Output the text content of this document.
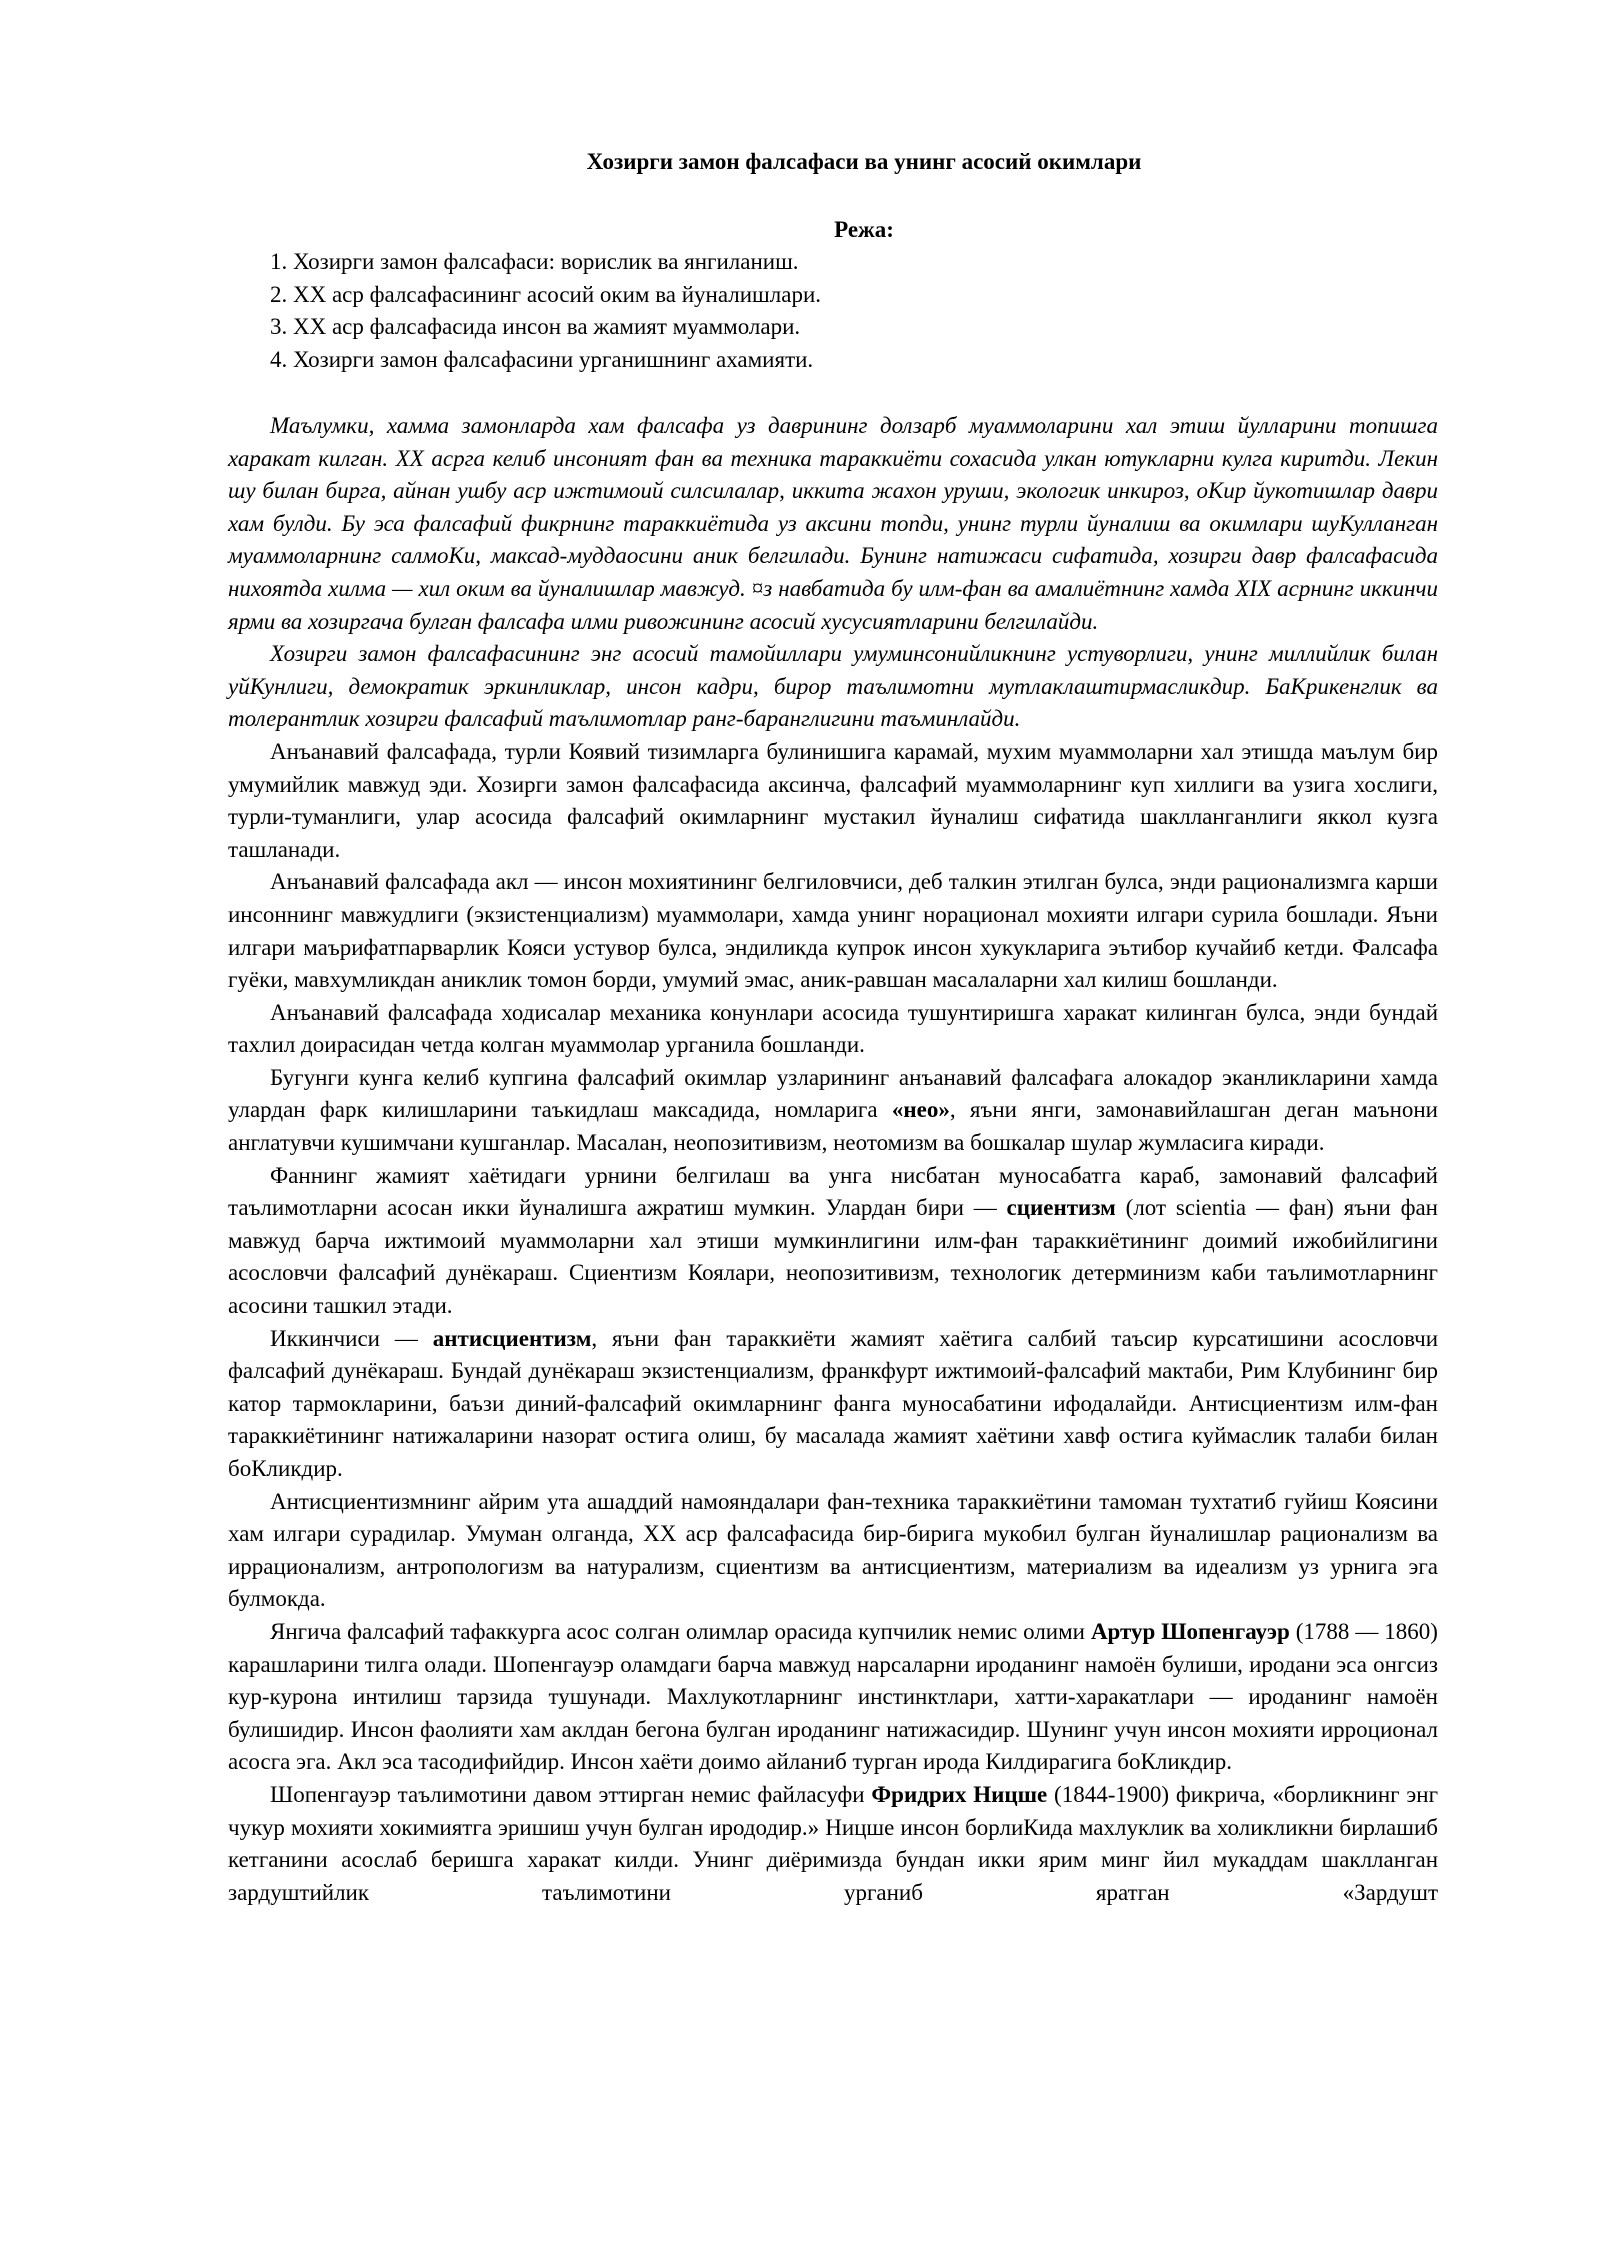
Хозирги замон фалсафаси ва унинг асосий окимлари
Режа:
1. Хозирги замон фалсафаси: ворислик ва янгиланиш.
2. XX аср фалсафасининг асосий оким ва йуналишлари.
3. XX аср фалсафасида инсон ва жамият муаммолари.
4. Хозирги замон фалсафасини урганишнинг ахамияти.

Маълумки, хамма замонларда хам фалсафа уз даврининг долзарб муаммоларини хал этиш йулларини топишга харакат килган. XX асрга келиб инсоният фан ва техника тараккиёти сохасида улкан ютукларни кулга киритди. Лекин шу билан бирга, айнан ушбу аср ижтимоий силсилалар, иккита жахон уруши, экологик инкироз, оКир йукотишлар даври хам булди. Бу эса фалсафий фикрнинг тараккиётида уз аксини топди, унинг турли йуналиш ва окимлари шуКулланган муаммоларнинг салмоКи, максад-муддаосини аник белгилади. Бунинг натижаси сифатида, хозирги давр фалсафасида нихоятда хилма — хил оким ва йуналишлар мавжуд. ¤з навбатида бу илм-фан ва амалиётнинг хамда XIX асрнинг иккинчи ярми ва хозиргача булган фалсафа илми ривожининг асосий хусусиятларини белгилайди.

Хозирги замон фалсафасининг энг асосий тамойиллари умуминсонийликнинг устуворлиги, унинг миллийлик билан уйКунлиги, демократик эркинликлар, инсон кадри, бирор таълимотни мутлаклаштирмасликдир. БаКрикенглик ва толерантлик хозирги фалсафий таълимотлар ранг-баранглигини таъминлайди.

Анъанавий фалсафада, турли Коявий тизимларга булинишига карамай, мухим муаммоларни хал этишда маълум бир умумийлик мавжуд эди. Хозирги замон фалсафасида аксинча, фалсафий муаммоларнинг куп хиллиги ва узига хослиги, турли-туманлиги, улар асосида фалсафий окимларнинг мустакил йуналиш сифатида шаклланганлиги яккол кузга ташланади.

Анъанавий фалсафада акл — инсон мохиятининг белгиловчиси, деб талкин этилган булса, энди рационализмга карши инсоннинг мавжудлиги (экзистенциализм) муаммолари, хамда унинг норационал мохияти илгари сурила бошлади. Яъни илгари маърифатпарварлик Кояси устувор булса, эндиликда купрок инсон хукукларига эътибор кучайиб кетди. Фалсафа гуёки, мавхумликдан аниклик томон борди, умумий эмас, аник-равшан масалаларни хал килиш бошланди.

Анъанавий фалсафада ходисалар механика конунлари асосида тушунтиришга харакат килинган булса, энди бундай тахлил доирасидан четда колган муаммолар урганила бошланди.

Бугунги кунга келиб купгина фалсафий окимлар узларининг анъанавий фалсафага алокадор эканликларини хамда улардан фарк килишларини таъкидлаш максадида, номларига «нео», яъни янги, замонавийлашган деган маънони англатувчи кушимчани кушганлар. Масалан, неопозитивизм, неотомизм ва бошкалар шулар жумласига киради.

Фаннинг жамият хаётидаги урнини белгилаш ва унга нисбатан муносабатга караб, замонавий фалсафий таълимотларни асосан икки йуналишга ажратиш мумкин. Улардан бири — сциентизм (лот scientia — фан) яъни фан мавжуд барча ижтимоий муаммоларни хал этиши мумкинлигини илм-фан тараккиётининг доимий ижобийлигини асословчи фалсафий дунёкараш. Сциентизм Коялари, неопозитивизм, технологик детерминизм каби таълимотларнинг асосини ташкил этади.

Иккинчиси — антисциентизм, яъни фан тараккиёти жамият хаётига салбий таъсир курсатишини асословчи фалсафий дунёкараш. Бундай дунёкараш экзистенциализм, франкфурт ижтимоий-фалсафий мактаби, Рим Клубининг бир катор тармокларини, баъзи диний-фалсафий окимларнинг фанга муносабатини ифодалайди. Антисциентизм илм-фан тараккиётининг натижаларини назорат остига олиш, бу масалада жамият хаётини хавф остига куймаслик талаби билан боКликдир.

Антисциентизмнинг айрим ута ашаддий намояндалари фан-техника тараккиётини тамоман тухтатиб гуйиш Коясини хам илгари сурадилар. Умуман олганда, XX аср фалсафасида бир-бирига мукобил булган йуналишлар рационализм ва иррационализм, антропологизм ва натурализм, сциентизм ва антисциентизм, материализм ва идеализм уз урнига эга булмокда.

Янгича фалсафий тафаккурга асос солган олимлар орасида купчилик немис олими Артур Шопенгауэр (1788 — 1860) карашларини тилга олади. Шопенгауэр оламдаги барча мавжуд нарсаларни ироданинг намоён булиши, иродани эса онгсиз кур-курона интилиш тарзида тушунади. Махлукотларнинг инстинктлари, хатти-харакатлари — ироданинг намоён булишидир. Инсон фаолияти хам аклдан бегона булган ироданинг натижасидир. Шунинг учун инсон мохияти ирроционал асосга эга. Акл эса тасодифийдир. Инсон хаёти доимо айланиб турган ирода Килдирагига боКликдир.

Шопенгауэр таълимотини давом эттирган немис файласуфи Фридрих Ницше (1844-1900) фикрича, «борликнинг энг чукур мохияти хокимиятга эришиш учун булган ирододир.» Ницше инсон борлиКида махлуклик ва холикликни бирлашиб кетганини асослаб беришга харакат килди. Унинг диёримизда бундан икки ярим минг йил мукаддам шаклланган зардуштийлик таълимотини урганиб яратган «Зардушт
